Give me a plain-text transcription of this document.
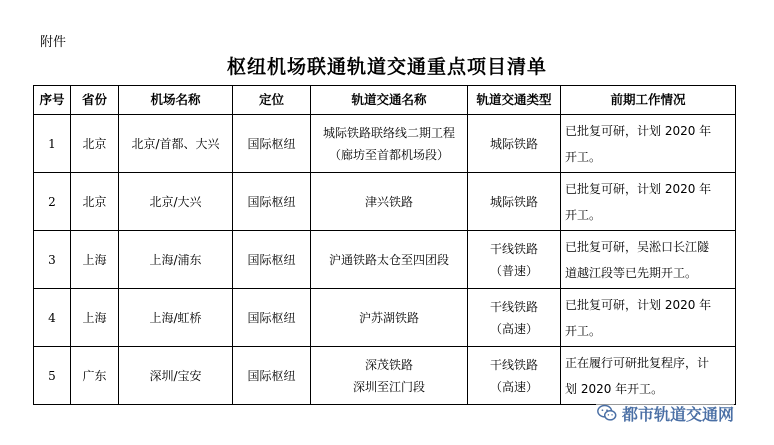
附件
枢纽机场联通轨道交通重点项目清单
序号	省份	机场名称	定位	轨道交通名称	轨道交通类型	前期工作情况
1	北京	北京/首都、大兴	国际枢纽	城际铁路联络线二期工程
（廊坊至首都机场段）	城际铁路	已批复可研，计划 2020 年
开工。

2	北京	北京/大兴	国际枢纽	津兴铁路	城际铁路	已批复可研，计划 2020 年
开工。

3	上海	上海/浦东	国际枢纽	沪通铁路太仓至四团段	干线铁路
（普速）	已批复可研，吴淞口长江隧
道越江段等已先期开工。

4	上海	上海/虹桥	国际枢纽	沪苏湖铁路	干线铁路
（高速）	已批复可研，计划 2020 年
开工。

5	广东	深圳/宝安	国际枢纽	深茂铁路
深圳至江门段	干线铁路
（高速）	正在履行可研批复程序，计
划 2020 年开工。
都市轨道交通网
